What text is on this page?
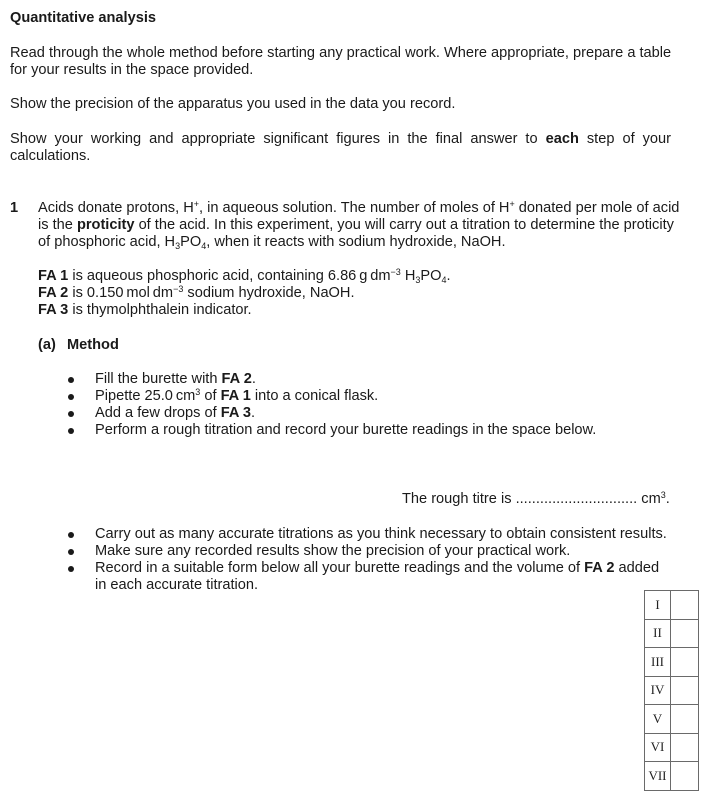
Quantitative analysis
Read through the whole method before starting any practical work. Where appropriate, prepare a table
for your results in the space provided.
Show the precision of the apparatus you used in the data you record.
Show your working and appropriate significant figures in the final answer to each step of your
calculations.
1 Acids donate protons, H+, in aqueous solution. The number of moles of H+ donated per mole of acid
is the proticity of the acid. In this experiment, you will carry out a titration to determine the proticity
of phosphoric acid, $H_3PO_4$, when it reacts with sodium hydroxide, NaOH.
FA 1 is aqueous phosphoric acid, containing 6.86 g $dm^{-3}$ $H_3PO_4$.
FA 2 is 0.150 mol $dm^{-3}$ sodium hydroxide, NaOH.
FA 3 is thymolphthalein indicator.
(a) Method
Fill the burette with FA 2.
Pipette 25.0 $cm^3$ of FA 1 into a conical flask.
Add a few drops of FA 3.
Perform a rough titration and record your burette readings in the space below.
The rough titre is .............................. $cm^3$.
Carry out as many accurate titrations as you think necessary to obtain consistent results.
Make sure any recorded results show the precision of your practical work.
Record in a suitable form below all your burette readings and the volume of FA 2 added
in each accurate titration.
I	
II	
III	
IV	
V	
VI	
VII	
